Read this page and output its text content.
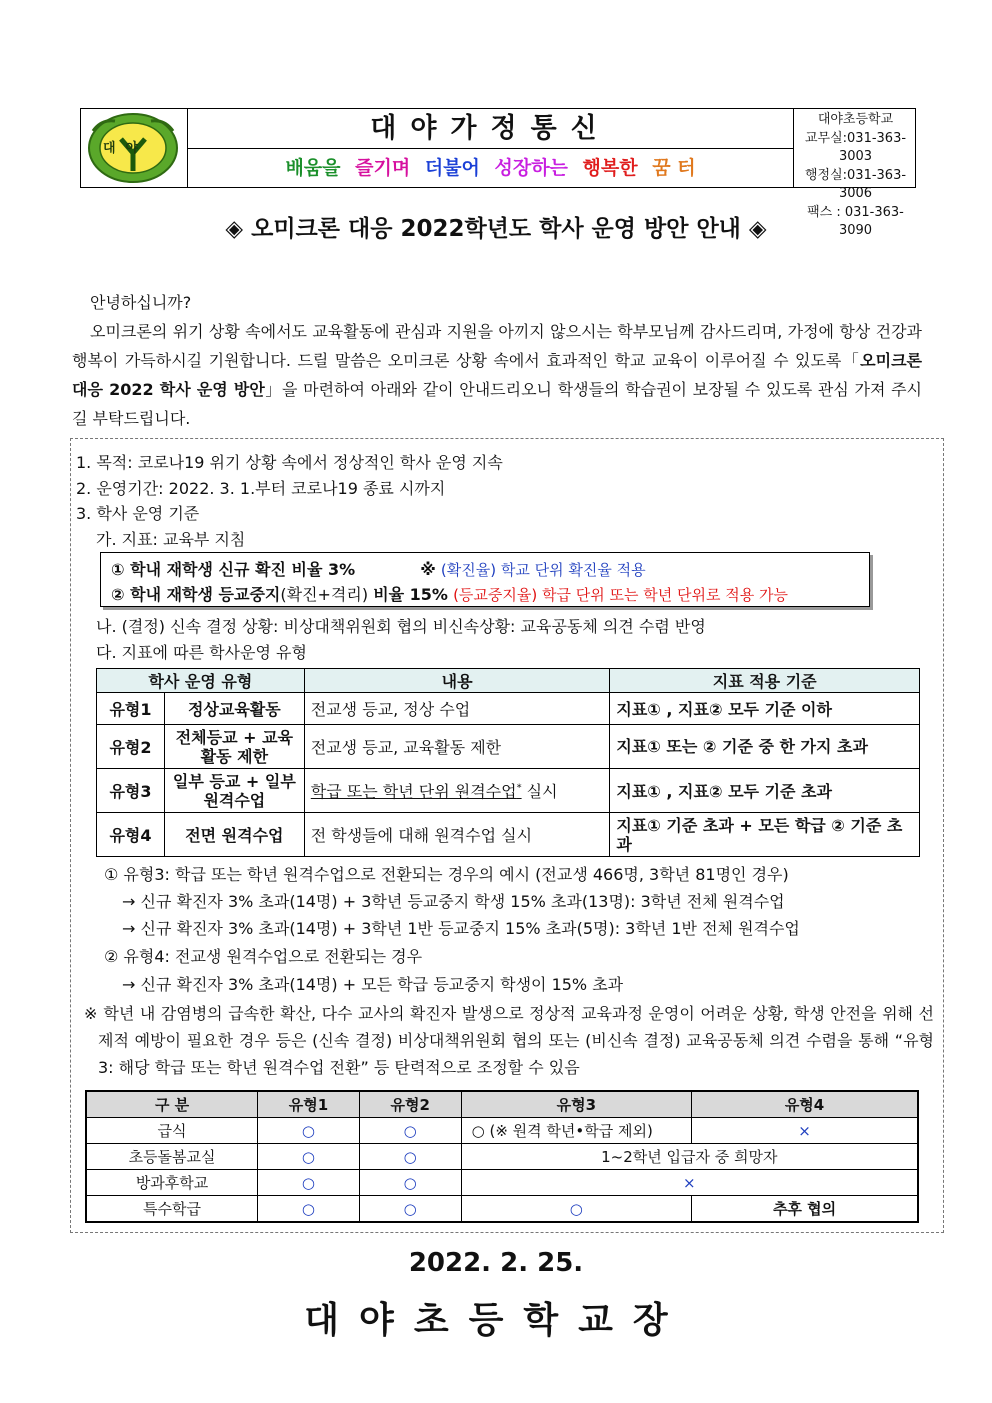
대야
대야가정통신
배움을 즐기며 더불어 성장하는 행복한 꿈 터
대야초등학교
교무실:031-363-3003
행정실:031-363-3006
팩스 : 031-363-3090
◈ 오미크론 대응 2022학년도 학사 운영 방안 안내 ◈

안녕하십니까?

오미크론의 위기 상황 속에서도 교육활동에 관심과 지원을 아끼지 않으시는 학부모님께 감사드리며, 가정에 항상 건강과 행복이 가득하시길 기원합니다. 드릴 말씀은 오미크론 상황 속에서 효과적인 학교 교육이 이루어질 수 있도록「오미크론 대응 2022 학사 운영 방안」을 마련하여 아래와 같이 안내드리오니 학생들의 학습권이 보장될 수 있도록 관심 가져 주시길 부탁드립니다.

1. 목적: 코로나19 위기 상황 속에서 정상적인 학사 운영 지속
2. 운영기간: 2022. 3. 1.부터 코로나19 종료 시까지
3. 학사 운영 기준
가. 지표: 교육부 지침
① 학내 재학생 신규 확진 비율 3%	※ (확진율) 학교 단위 확진율 적용
② 학내 재학생 등교중지(확진+격리) 비율 15% (등교중지율) 학급 단위 또는 학년 단위로 적용 가능
나. (결정) 신속 결정 상황: 비상대책위원회 협의 비신속상황: 교육공동체 의견 수렴 반영
다. 지표에 따른 학사운영 유형
학사 운영 유형		내용	지표 적용 기준
유형1	정상교육활동	전교생 등교, 정상 수업	지표① , 지표② 모두 기준 이하
유형2	전체등교 + 교육활동 제한	전교생 등교, 교육활동 제한	지표① 또는 ② 기준 중 한 가지 초과
유형3	일부 등교 + 일부 원격수업	학급 또는 학년 단위 원격수업* 실시	지표① , 지표② 모두 기준 초과
유형4	전면 원격수업	전 학생들에 대해 원격수업 실시	지표① 기준 초과 + 모든 학급 ② 기준 초과
① 유형3: 학급 또는 학년 원격수업으로 전환되는 경우의 예시 (전교생 466명, 3학년 81명인 경우)
→ 신규 확진자 3% 초과(14명) + 3학년 등교중지 학생 15% 초과(13명): 3학년 전체 원격수업
→ 신규 확진자 3% 초과(14명) + 3학년 1반 등교중지 15% 초과(5명): 3학년 1반 전체 원격수업
② 유형4: 전교생 원격수업으로 전환되는 경우
→ 신규 확진자 3% 초과(14명) + 모든 학급 등교중지 학생이 15% 초과
※ 학년 내 감염병의 급속한 확산, 다수 교사의 확진자 발생으로 정상적 교육과정 운영이 어려운 상황, 학생 안전을 위해 선제적 예방이 필요한 경우 등은 (신속 결정) 비상대책위원회 협의 또는 (비신속 결정) 교육공동체 의견 수렴을 통해 “유형3: 해당 학급 또는 학년 원격수업 전환” 등 탄력적으로 조정할 수 있음
구 분	유형1	유형2	유형3	유형4
급식	○	○	○ (※ 원격 학년•학급 제외)	×
초등돌봄교실	○	○	1~2학년 입급자 중 희망자	
방과후학교	○	○	×	
특수학급	○	○	○	추후 협의
2022. 2. 25.
대야초등학교장
